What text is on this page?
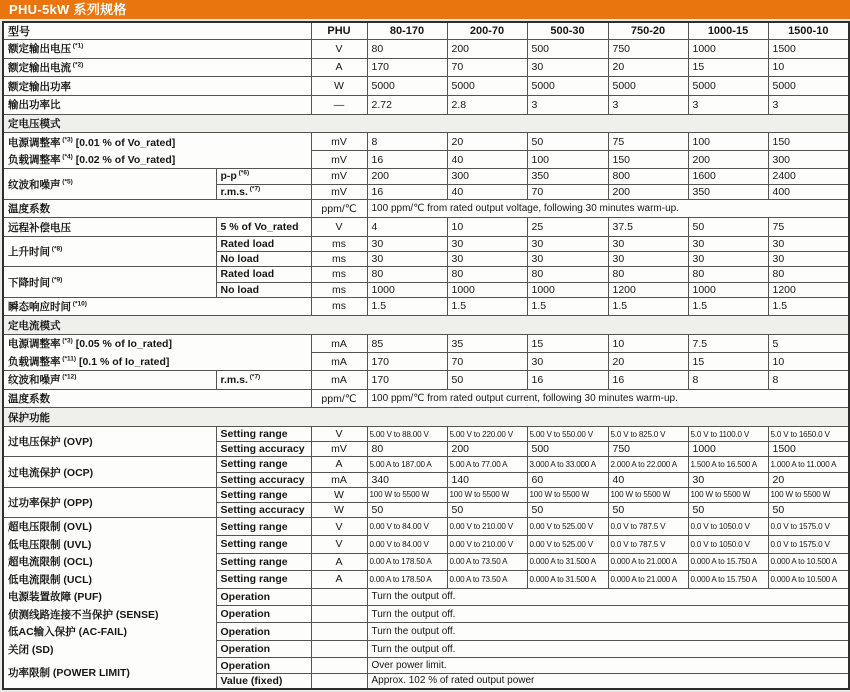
PHU-5kW 系列规格
型号		PHU	80-170	200-70	500-30	750-20	1000-15	1500-10
额定输出电压 $^{(*1)}$		V	80	200	500	750	1000	1500
额定输出电流 $^{(*2)}$		A	170	70	30	20	15	10
额定输出功率		W	5000	5000	5000	5000	5000	5000
输出功率比		—	2.72	2.8	3	3	3	3
定电压模式								
电源调整率 $^{(*3)}$ [0.01 % of Vo_rated]		mV	8	20	50	75	100	150
负载调整率 $^{(*4)}$ [0.02 % of Vo_rated]		mV	16	40	100	150	200	300
纹波和噪声 $^{(*5)}$	p-p $^{(*6)}$	mV	200	300	350	800	1600	2400
	r.m.s. $^{(*7)}$	mV	16	40	70	200	350	400
温度系数		ppm/℃	100 ppm/℃ from rated output voltage, following 30 minutes warm-up.					
远程补偿电压	5 % of Vo_rated	V	4	10	25	37.5	50	75
上升时间 $^{(*8)}$	Rated load	ms	30	30	30	30	30	30
	No load	ms	30	30	30	30	30	30
下降时间 $^{(*9)}$	Rated load	ms	80	80	80	80	80	80
	No load	ms	1000	1000	1000	1200	1000	1200
瞬态响应时间 $^{(*10)}$		ms	1.5	1.5	1.5	1.5	1.5	1.5
定电流模式								
电源调整率 $^{(*3)}$ [0.05 % of Io_rated]		mA	85	35	15	10	7.5	5
负载调整率 $^{(*11)}$ [0.1 % of Io_rated]		mA	170	70	30	20	15	10
纹波和噪声 $^{(*12)}$	r.m.s. $^{(*7)}$	mA	170	50	16	16	8	8
温度系数		ppm/℃	100 ppm/℃ from rated output current, following 30 minutes warm-up.					
保护功能								
过电压保护 (OVP)	Setting range	V	5.00 V to 88.00 V	5.00 V to 220.00 V	5.00 V to 550.00 V	5.0 V to 825.0 V	5.0 V to 1100.0 V	5.0 V to 1650.0 V
	Setting accuracy	mV	80	200	500	750	1000	1500
过电流保护 (OCP)	Setting range	A	5.00 A to 187.00 A	5.00 A to 77.00 A	3.000 A to 33.000 A	2.000 A to 22.000 A	1.500 A to 16.500 A	1.000 A to 11.000 A
	Setting accuracy	mA	340	140	60	40	30	20
过功率保护 (OPP)	Setting range	W	100 W to 5500 W	100 W to 5500 W	100 W to 5500 W	100 W to 5500 W	100 W to 5500 W	100 W to 5500 W
	Setting accuracy	W	50	50	50	50	50	50
超电压限制 (OVL)	Setting range	V	0.00 V to 84.00 V	0.00 V to 210.00 V	0.00 V to 525.00 V	0.0 V to 787.5 V	0.0 V to 1050.0 V	0.0 V to 1575.0 V
低电压限制 (UVL)	Setting range	V	0.00 V to 84.00 V	0.00 V to 210.00 V	0.00 V to 525.00 V	0.0 V to 787.5 V	0.0 V to 1050.0 V	0.0 V to 1575.0 V
超电流限制 (OCL)	Setting range	A	0.00 A to 178.50 A	0.00 A to 73.50 A	0.000 A to 31.500 A	0.000 A to 21.000 A	0.000 A to 15.750 A	0.000 A to 10.500 A
低电流限制 (UCL)	Setting range	A	0.00 A to 178.50 A	0.00 A to 73.50 A	0.000 A to 31.500 A	0.000 A to 21.000 A	0.000 A to 15.750 A	0.000 A to 10.500 A
电源装置故障 (PUF)	Operation		Turn the output off.					
侦测线路连接不当保护 (SENSE)	Operation		Turn the output off.					
低AC输入保护 (AC-FAIL)	Operation		Turn the output off.					
关闭 (SD)	Operation		Turn the output off.					
功率限制 (POWER LIMIT)	Operation		Over power limit.					
	Value (fixed)		Approx. 102 % of rated output power					
